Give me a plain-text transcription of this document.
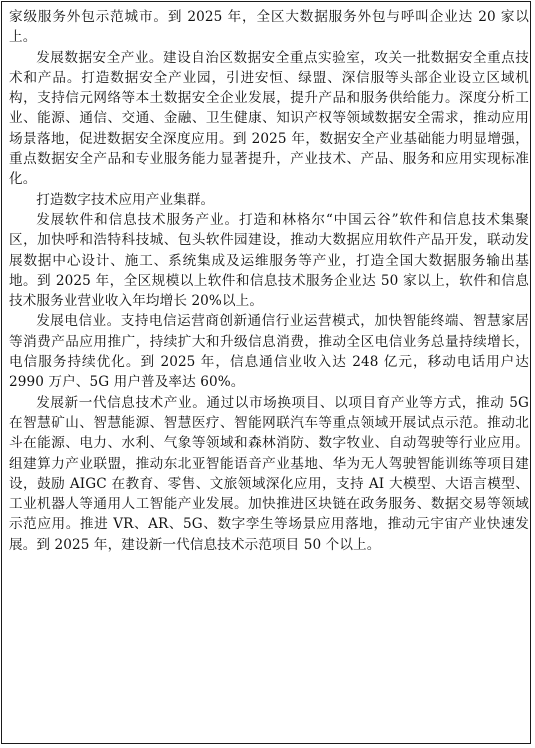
家级服务外包示范城市。到 2025 年，全区大数据服务外包与呼叫企业达 20 家以上。

发展数据安全产业。建设自治区数据安全重点实验室，攻关一批数据安全重点技术和产品。打造数据安全产业园，引进安恒、绿盟、深信服等头部企业设立区域机构，支持信元网络等本土数据安全企业发展，提升产品和服务供给能力。深度分析工业、能源、通信、交通、金融、卫生健康、知识产权等领域数据安全需求，推动应用场景落地，促进数据安全深度应用。到 2025 年，数据安全产业基础能力明显增强，重点数据安全产品和专业服务能力显著提升，产业技术、产品、服务和应用实现标准化。

打造数字技术应用产业集群。

发展软件和信息技术服务产业。打造和林格尔“中国云谷”软件和信息技术集聚区，加快呼和浩特科技城、包头软件园建设，推动大数据应用软件产品开发，联动发展数据中心设计、施工、系统集成及运维服务等产业，打造全国大数据服务输出基地。到 2025 年，全区规模以上软件和信息技术服务企业达 50 家以上，软件和信息技术服务业营业收入年均增长 20%以上。

发展电信业。支持电信运营商创新通信行业运营模式，加快智能终端、智慧家居等消费产品应用推广，持续扩大和升级信息消费，推动全区电信业务总量持续增长，电信服务持续优化。到 2025 年，信息通信业收入达 248 亿元，移动电话用户达 2990 万户、5G 用户普及率达 60%。

发展新一代信息技术产业。通过以市场换项目、以项目育产业等方式，推动 5G 在智慧矿山、智慧能源、智慧医疗、智能网联汽车等重点领域开展试点示范。推动北斗在能源、电力、水利、气象等领域和森林消防、数字牧业、自动驾驶等行业应用。组建算力产业联盟，推动东北亚智能语音产业基地、华为无人驾驶智能训练等项目建设，鼓励 AIGC 在教育、零售、文旅领域深化应用，支持 AI 大模型、大语言模型、工业机器人等通用人工智能产业发展。加快推进区块链在政务服务、数据交易等领域示范应用。推进 VR、AR、5G、数字孪生等场景应用落地，推动元宇宙产业快速发展。到 2025 年，建设新一代信息技术示范项目 50 个以上。
